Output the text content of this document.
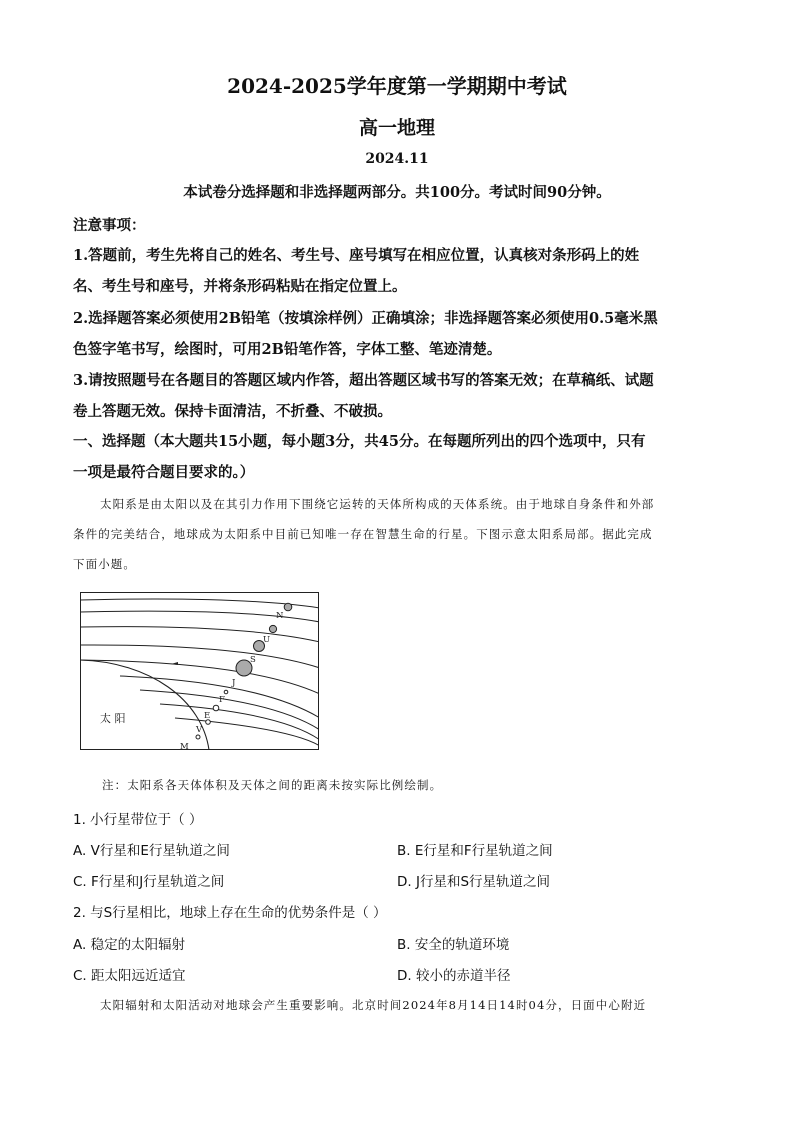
2024-2025学年度第一学期期中考试
高一地理
2024.11
本试卷分选择题和非选择题两部分。共100分。考试时间90分钟。
注意事项：
1.答题前，考生先将自己的姓名、考生号、座号填写在相应位置，认真核对条形码上的姓
名、考生号和座号，并将条形码粘贴在指定位置上。
2.选择题答案必须使用2B铅笔（按填涂样例）正确填涂；非选择题答案必须使用0.5毫米黑
色签字笔书写，绘图时，可用2B铅笔作答，字体工整、笔迹清楚。
3.请按照题号在各题目的答题区域内作答，超出答题区域书写的答案无效；在草稿纸、试题
卷上答题无效。保持卡面清洁，不折叠、不破损。
一、选择题（本大题共15小题，每小题3分，共45分。在每题所列出的四个选项中，只有
一项是最符合题目要求的。）
太阳系是由太阳以及在其引力作用下围绕它运转的天体所构成的天体系统。由于地球自身条件和外部
条件的完美结合，地球成为太阳系中目前已知唯一存在智慧生命的行星。下图示意太阳系局部。据此完成
下面小题。
太 阳
M
V
E
F
J
S
U
N
注：太阳系各天体体积及天体之间的距离未按实际比例绘制。
1. 小行星带位于（ ）
A. V行星和E行星轨道之间	B. E行星和F行星轨道之间
C. F行星和J行星轨道之间	D. J行星和S行星轨道之间
2. 与S行星相比，地球上存在生命的优势条件是（ ）
A. 稳定的太阳辐射	B. 安全的轨道环境
C. 距太阳远近适宜	D. 较小的赤道半径
太阳辐射和太阳活动对地球会产生重要影响。北京时间2024年8月14日14时04分，日面中心附近
